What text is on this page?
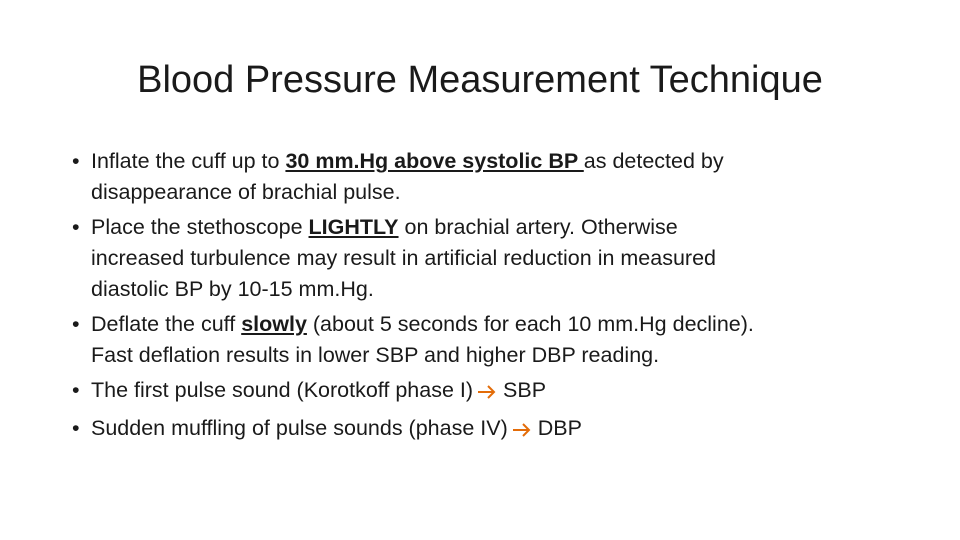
Blood Pressure Measurement Technique
• Inflate the cuff up to 30 mm.Hg above systolic BP as detected by
disappearance of brachial pulse.
• Place the stethoscope LIGHTLY on brachial artery. Otherwise
increased turbulence may result in artificial reduction in measured
diastolic BP by 10-15 mm.Hg.
• Deflate the cuff slowly (about 5 seconds for each 10 mm.Hg decline).
Fast deflation results in lower SBP and higher DBP reading.
• The first pulse sound (Korotkoff phase I) SBP
• Sudden muffling of pulse sounds (phase IV) DBP
